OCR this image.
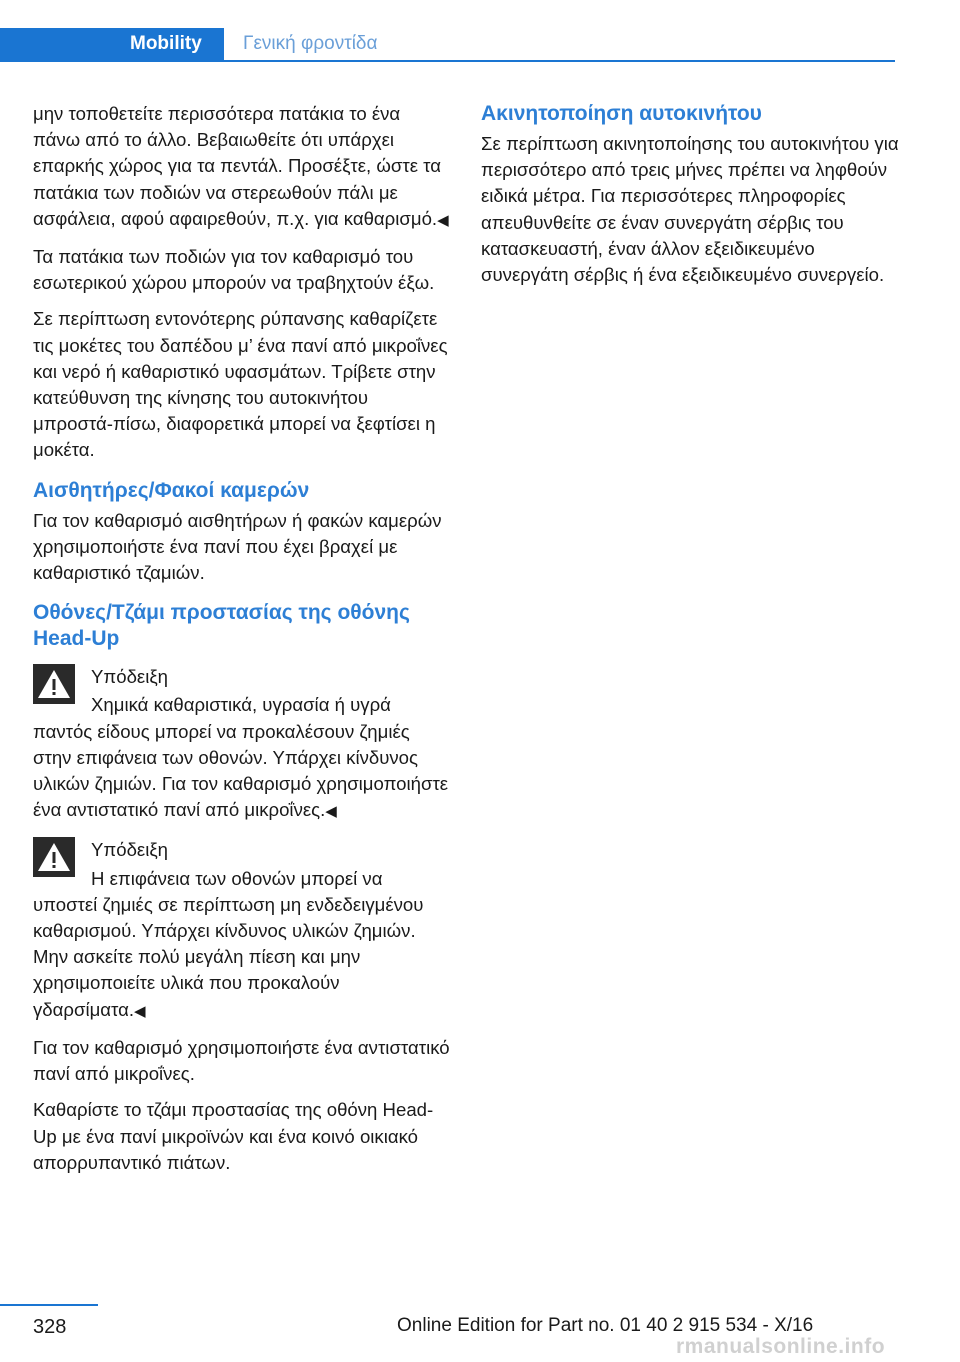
Mobility	Γενική φροντίδα

μην τοποθετείτε περισσότερα πατάκια το ένα πάνω από το άλλο. Βεβαιωθείτε ότι υπάρχει επαρκής χώρος για τα πεντάλ. Προσέξτε, ώστε τα πατάκια των ποδιών να στερεωθούν πάλι με ασφάλεια, αφού αφαιρεθούν, π.χ. για καθαρισμό.◀

Τα πατάκια των ποδιών για τον καθαρισμό του εσωτερικού χώρου μπορούν να τραβηχτούν έξω.

Σε περίπτωση εντονότερης ρύπανσης καθαρίζετε τις μοκέτες του δαπέδου μ’ ένα πανί από μικροΐνες και νερό ή καθαριστικό υφασμάτων. Τρίβετε στην κατεύθυνση της κίνησης του αυτοκινήτου μπροστά-πίσω, διαφορετικά μπορεί να ξεφτίσει η μοκέτα.

Αισθητήρες/Φακοί καμερών

Για τον καθαρισμό αισθητήρων ή φακών καμερών χρησιμοποιήστε ένα πανί που έχει βραχεί με καθαριστικό τζαμιών.

Οθόνες/Τζάμι προστασίας της οθόνης Head-Up

Υπόδειξη

Χημικά καθαριστικά, υγρασία ή υγρά παντός είδους μπορεί να προκαλέσουν ζημιές στην επιφάνεια των οθονών. Υπάρχει κίνδυνος υλικών ζημιών. Για τον καθαρισμό χρησιμοποιήστε ένα αντιστατικό πανί από μικροΐνες.◀

Υπόδειξη

Η επιφάνεια των οθονών μπορεί να υποστεί ζημιές σε περίπτωση μη ενδεδειγμένου καθαρισμού. Υπάρχει κίνδυνος υλικών ζημιών. Μην ασκείτε πολύ μεγάλη πίεση και μην χρησιμοποιείτε υλικά που προκαλούν γδαρσίματα.◀

Για τον καθαρισμό χρησιμοποιήστε ένα αντιστατικό πανί από μικροΐνες.

Καθαρίστε το τζάμι προστασίας της οθόνη Head-Up με ένα πανί μικροϊνών και ένα κοινό οικιακό απορρυπαντικό πιάτων.

Ακινητοποίηση αυτοκινήτου

Σε περίπτωση ακινητοποίησης του αυτοκινήτου για περισσότερο από τρεις μήνες πρέπει να ληφθούν ειδικά μέτρα. Για περισσότερες πληροφορίες απευθυνθείτε σε έναν συνεργάτη σέρβις του κατασκευαστή, έναν άλλον εξειδικευμένο συνεργάτη σέρβις ή ένα εξειδικευμένο συνεργείο.

328	Online Edition for Part no. 01 40 2 915 534 - X/16
rmanualsonline.info
